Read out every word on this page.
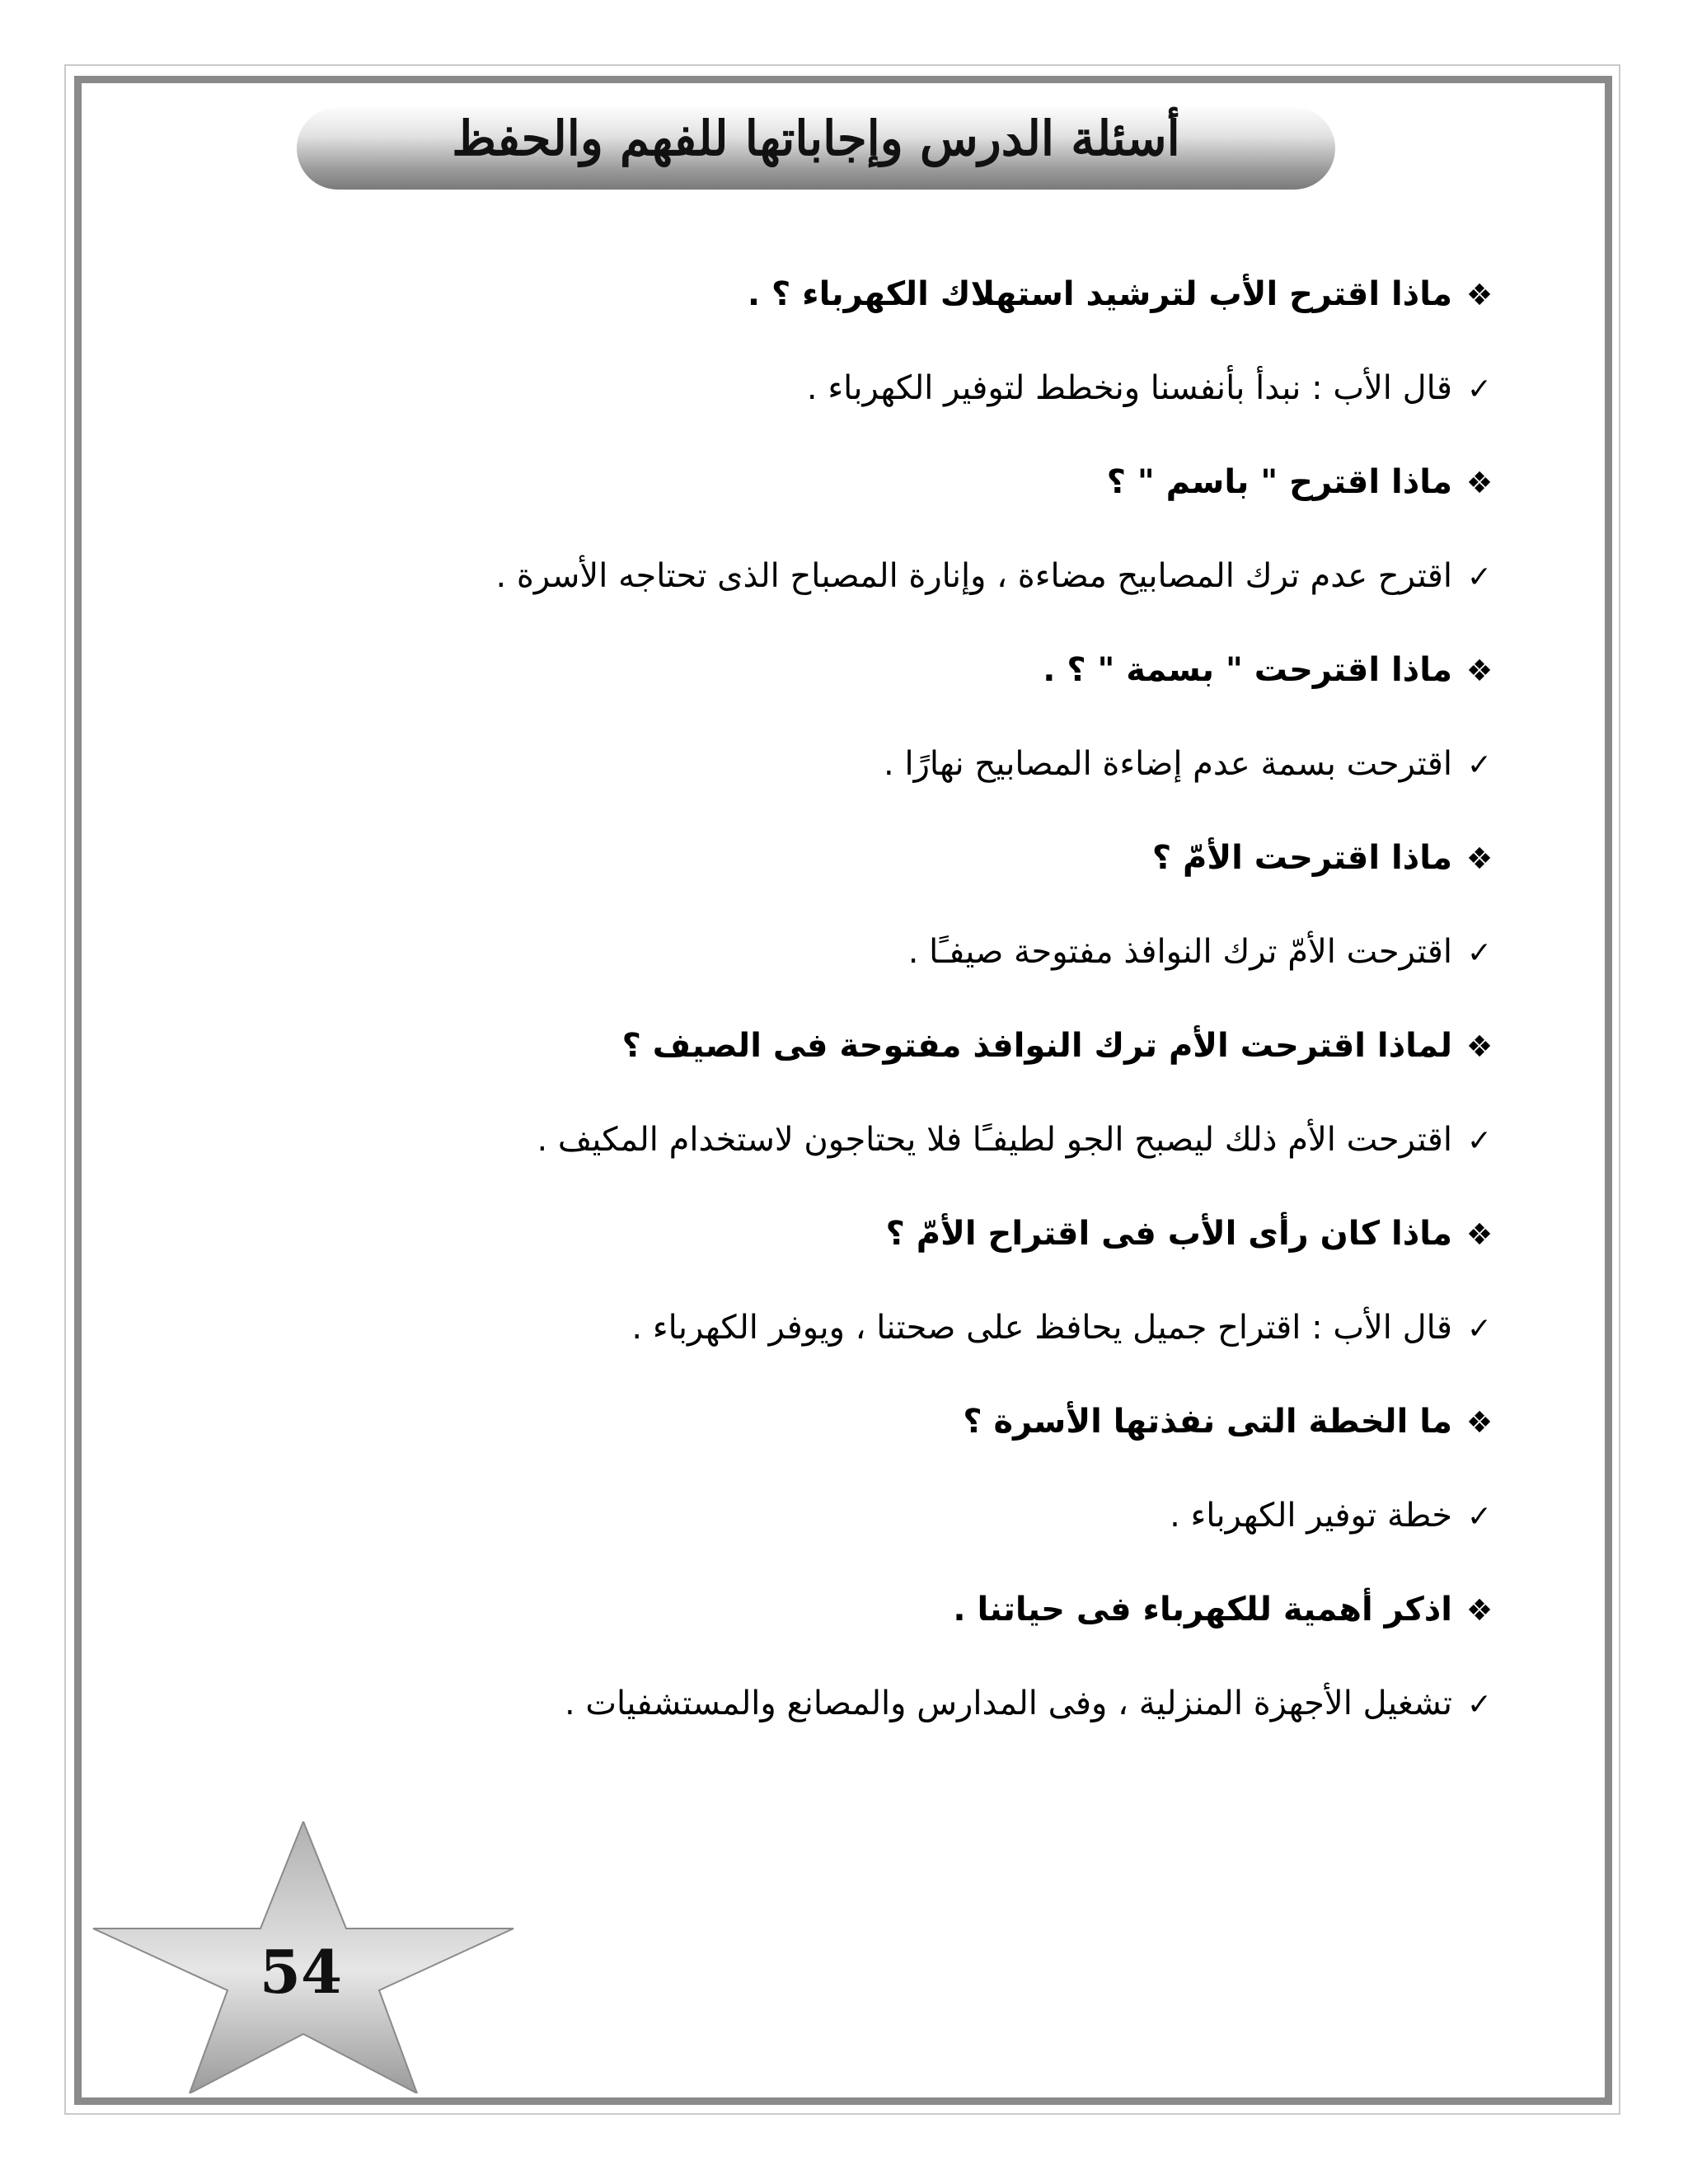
أسئلة الدرس وإجاباتها للفهم والحفظ
❖ماذا اقترح الأب لترشيد استهلاك الكهرباء ؟ .
✓قال الأب : نبدأ بأنفسنا ونخطط لتوفير الكهرباء .
❖ماذا اقترح " باسم " ؟
✓اقترح عدم ترك المصابيح مضاءة ، وإنارة المصباح الذى تحتاجه الأسرة .
❖ماذا اقترحت " بسمة " ؟ .
✓اقترحت بسمة عدم إضاءة المصابيح نهارًا .
❖ماذا اقترحت الأمّ ؟
✓اقترحت الأمّ ترك النوافذ مفتوحة صيفـًا .
❖لماذا اقترحت الأم ترك النوافذ مفتوحة فى الصيف ؟
✓اقترحت الأم ذلك ليصبح الجو لطيفـًا فلا يحتاجون لاستخدام المكيف .
❖ماذا كان رأى الأب فى اقتراح الأمّ ؟
✓قال الأب : اقتراح جميل يحافظ على صحتنا ، ويوفر الكهرباء .
❖ما الخطة التى نفذتها الأسرة ؟
✓خطة توفير الكهرباء .
❖اذكر أهمية للكهرباء فى حياتنا .
✓تشغيل الأجهزة المنزلية ، وفى المدارس والمصانع والمستشفيات .
54
